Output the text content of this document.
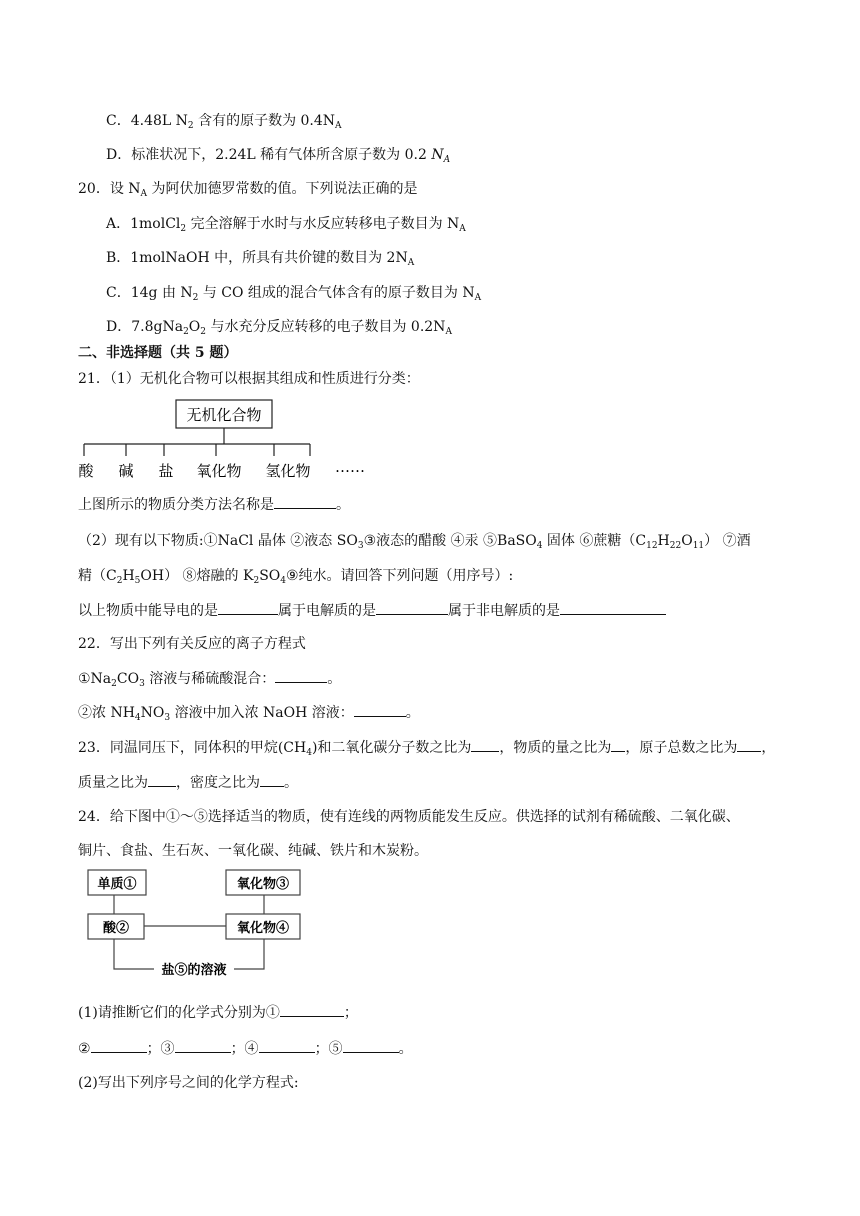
C．4.48L $N_2$ 含有的原子数为 $0.4N_A$
D．标准状况下，2.24L 稀有气体所含原子数为 0.2 $N_A$
20．设 $N_A$ 为阿伏加德罗常数的值。下列说法正确的是
A．1molCl$_2$ 完全溶解于水时与水反应转移电子数目为 $N_A$
B．1molNaOH 中，所具有共价键的数目为 $2N_A$
C．14g 由 $N_2$ 与 CO 组成的混合气体含有的原子数目为 $N_A$
D．$7.8gNa_2O_2$ 与水充分反应转移的电子数目为 $0.2N_A$
二、非选择题（共 5 题）
21．（1）无机化合物可以根据其组成和性质进行分类：
无机化合物
酸 碱 盐 氧化物 氢化物 ……
上图所示的物质分类方法名称是	。
（2）现有以下物质:①NaCl 晶体 ②液态 $SO_3③$液态的醋酸 ④汞 ⑤BaSO$_4$ 固体 ⑥蔗糖$(C_{12}H_{22}O_{11})$ ⑦酒
精$(C_2H_5OH)$ ⑧熔融的 $K_2SO_4⑨$纯水。请回答下列问题（用序号）:
以上物质中能导电的是	属于电解质的是	属于非电解质的是
22．写出下列有关反应的离子方程式
$①Na_2CO_3$ 溶液与稀硫酸混合：	。
②浓 $NH_4NO_3$ 溶液中加入浓 NaOH 溶液：	。
23．同温同压下，同体积的甲烷$(CH_4)$和二氧化碳分子数之比为 ，物质的量之比为 ，原子总数之比为 ，
质量之比为 ，密度之比为 。
24．给下图中①～⑤选择适当的物质，使有连线的两物质能发生反应。供选择的试剂有稀硫酸、二氧化碳、
铜片、食盐、生石灰、一氧化碳、纯碱、铁片和木炭粉。
单质①	氧化物③
酸②	氧化物④
盐⑤的溶液
(1)请推断它们的化学式分别为①	；
②	；③	；④	；⑤	。
(2)写出下列序号之间的化学方程式:
